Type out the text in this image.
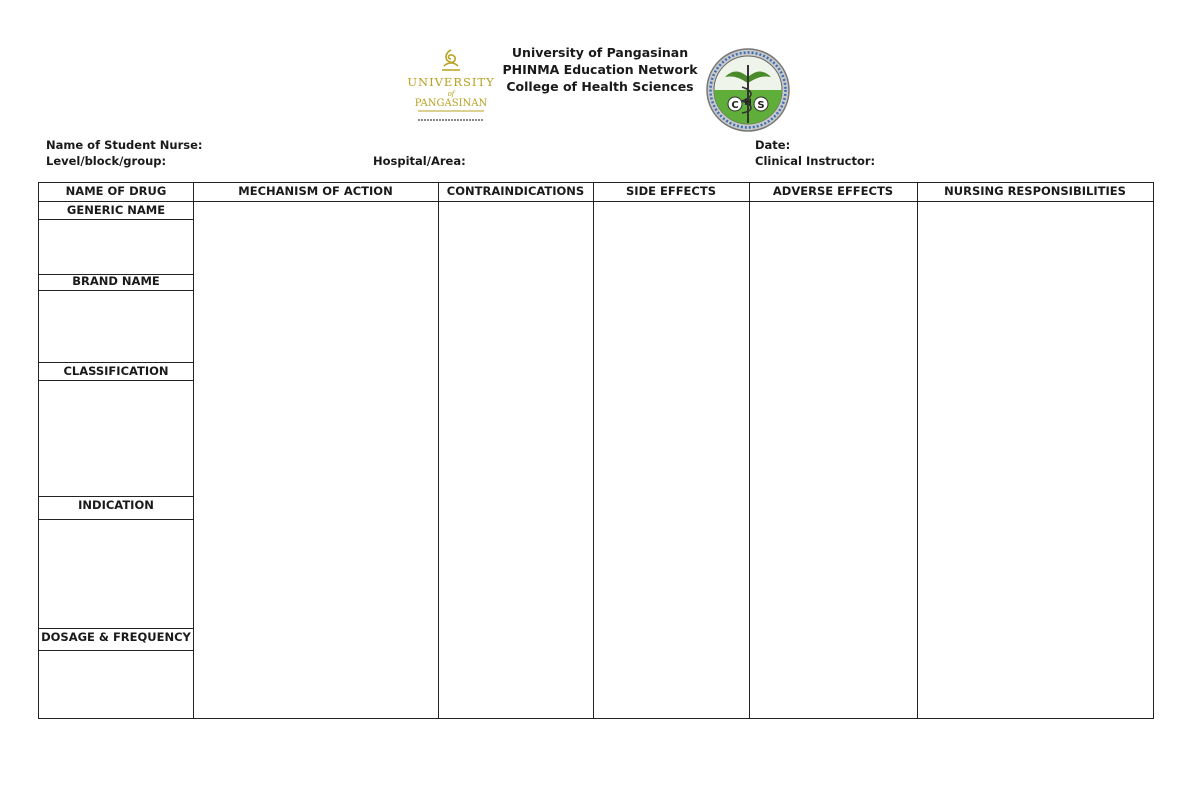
UNIVERSITY
of
PANGASINAN
University of Pangasinan
PHINMA Education Network
College of Health Sciences
C S
H
Name of Student Nurse:	Date:
Level/block/group:	Hospital/Area:	Clinical Instructor:
NAME OF DRUG	MECHANISM OF ACTION	CONTRAINDICATIONS	SIDE EFFECTS	ADVERSE EFFECTS	NURSING RESPONSIBILITIES
GENERIC NAME
BRAND NAME
CLASSIFICATION
INDICATION
DOSAGE & FREQUENCY
